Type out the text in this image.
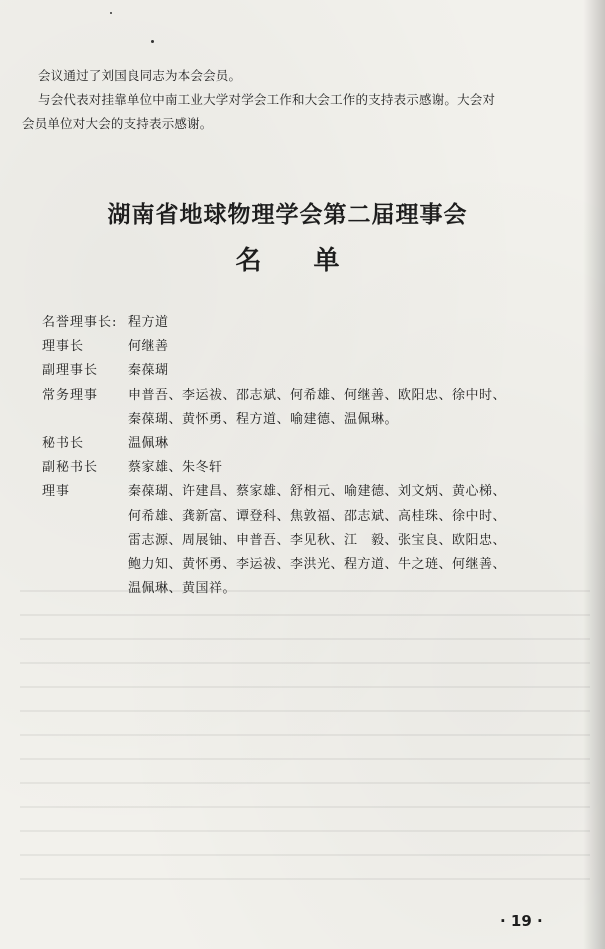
会议通过了刘国良同志为本会会员。
与会代表对挂靠单位中南工业大学对学会工作和大会工作的支持表示感谢。大会对
会员单位对大会的支持表示感谢。
湖南省地球物理学会第二届理事会
名单
名誉理事长: 程方道
理事长	何继善
副理事长	秦葆瑚
常务理事	申普吾、李运祓、邵志斌、何希雄、何继善、欧阳忠、徐中时、
秦葆瑚、黄怀勇、程方道、喻建德、温佩琳。
秘书长	温佩琳
副秘书长	蔡家雄、朱冬轩
理事	秦葆瑚、许建昌、蔡家雄、舒相元、喻建德、刘文炳、黄心梯、
何希雄、龚新富、谭登科、焦敦福、邵志斌、高桂珠、徐中时、
雷志源、周展铀、申普吾、李见秋、江　毅、张宝良、欧阳忠、
鲍力知、黄怀勇、李运祓、李洪光、程方道、牛之琏、何继善、
温佩琳、黄国祥。
· 19 ·
